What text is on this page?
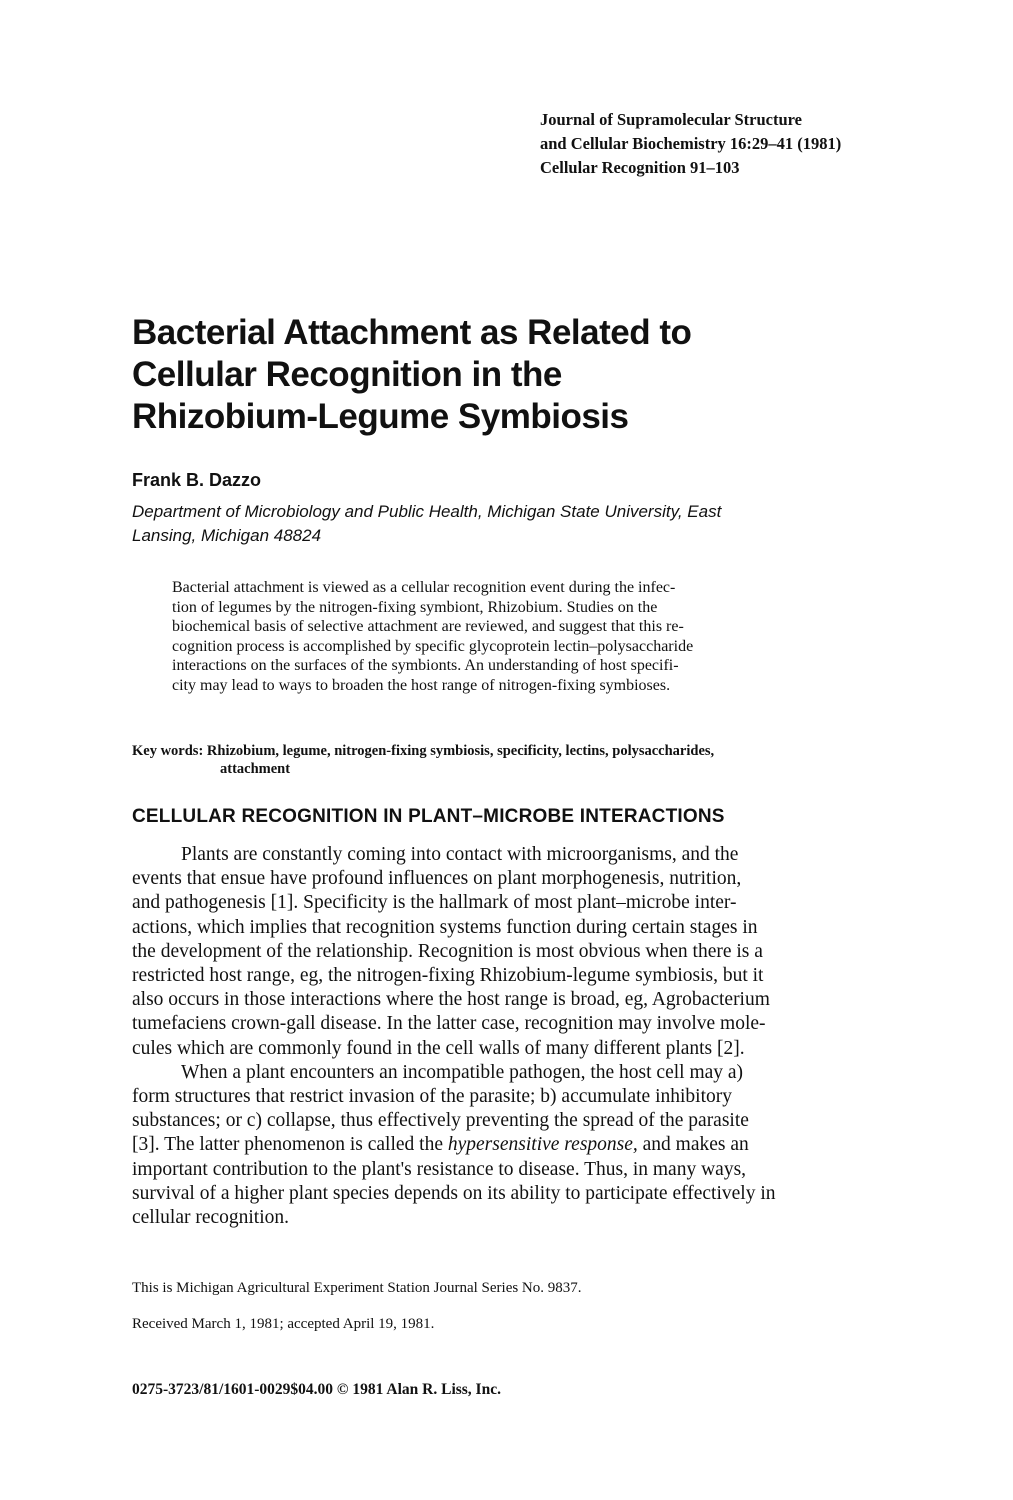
Journal of Supramolecular Structure
and Cellular Biochemistry 16:29–41 (1981)
Cellular Recognition 91–103
Bacterial Attachment as Related to
Cellular Recognition in the
Rhizobium-Legume Symbiosis
Frank B. Dazzo
Department of Microbiology and Public Health, Michigan State University, East
Lansing, Michigan 48824
Bacterial attachment is viewed as a cellular recognition event during the infec-
tion of legumes by the nitrogen-fixing symbiont, Rhizobium. Studies on the
biochemical basis of selective attachment are reviewed, and suggest that this re-
cognition process is accomplished by specific glycoprotein lectin–polysaccharide
interactions on the surfaces of the symbionts. An understanding of host specifi-
city may lead to ways to broaden the host range of nitrogen-fixing symbioses.
Key words: Rhizobium, legume, nitrogen-fixing symbiosis, specificity, lectins, polysaccharides,
attachment
CELLULAR RECOGNITION IN PLANT–MICROBE INTERACTIONS
Plants are constantly coming into contact with microorganisms, and the
events that ensue have profound influences on plant morphogenesis, nutrition,
and pathogenesis [1]. Specificity is the hallmark of most plant–microbe inter-
actions, which implies that recognition systems function during certain stages in
the development of the relationship. Recognition is most obvious when there is a
restricted host range, eg, the nitrogen-fixing Rhizobium-legume symbiosis, but it
also occurs in those interactions where the host range is broad, eg, Agrobacterium
tumefaciens crown-gall disease. In the latter case, recognition may involve mole-
cules which are commonly found in the cell walls of many different plants [2].
When a plant encounters an incompatible pathogen, the host cell may a)
form structures that restrict invasion of the parasite; b) accumulate inhibitory
substances; or c) collapse, thus effectively preventing the spread of the parasite
[3]. The latter phenomenon is called the hypersensitive response, and makes an
important contribution to the plant's resistance to disease. Thus, in many ways,
survival of a higher plant species depends on its ability to participate effectively in
cellular recognition.
This is Michigan Agricultural Experiment Station Journal Series No. 9837.
Received March 1, 1981; accepted April 19, 1981.
0275-3723/81/1601-0029$04.00 © 1981 Alan R. Liss, Inc.
